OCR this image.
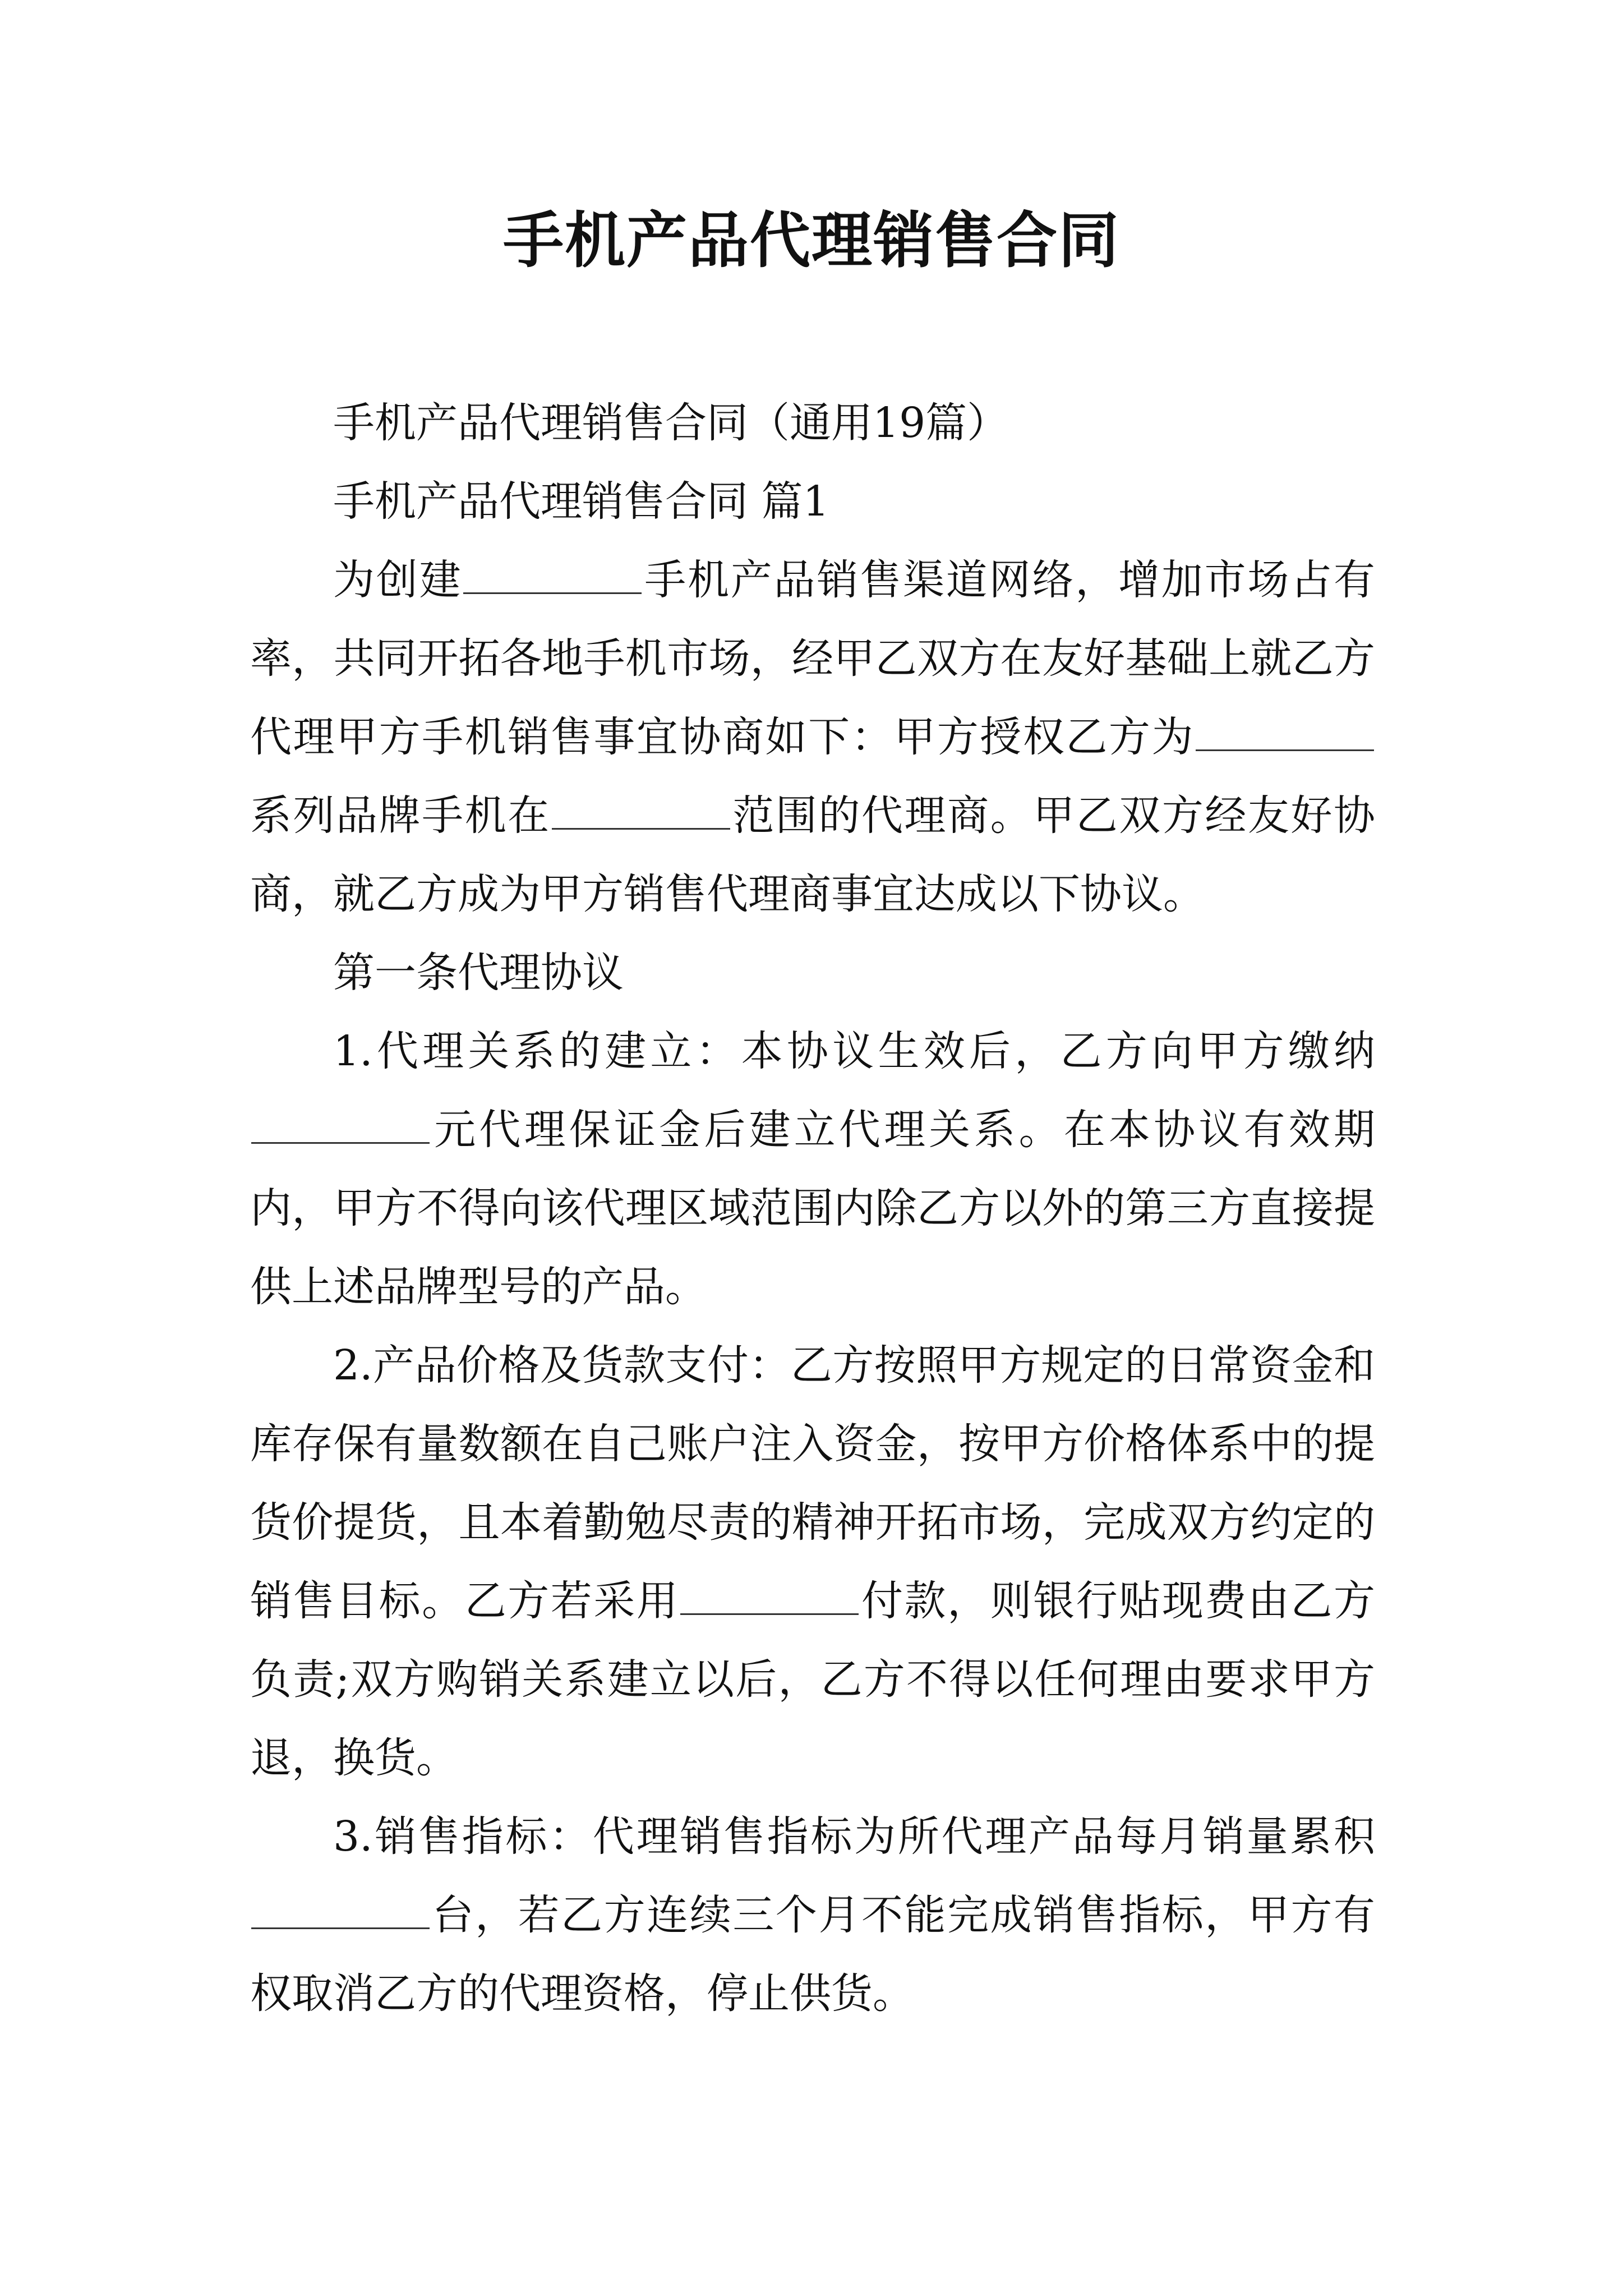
手机产品代理销售合同

手机产品代理销售合同（通用19篇）

手机产品代理销售合同 篇1

为创建	手机产品销售渠道网络，增加市场占有率，共同开拓各地手机市场，经甲乙双方在友好基础上就乙方代理甲方手机销售事宜协商如下：甲方授权乙方为系列品牌手机在	范围的代理商。甲乙双方经友好协商，就乙方成为甲方销售代理商事宜达成以下协议。

第一条代理协议

1.代理关系的建立：本协议生效后，乙方向甲方缴纳元代理保证金后建立代理关系。在本协议有效期内，甲方不得向该代理区域范围内除乙方以外的第三方直接提供上述品牌型号的产品。

2.产品价格及货款支付：乙方按照甲方规定的日常资金和库存保有量数额在自己账户注入资金，按甲方价格体系中的提货价提货，且本着勤勉尽责的精神开拓市场，完成双方约定的销售目标。乙方若采用	付款，则银行贴现费由乙方负责;双方购销关系建立以后，乙方不得以任何理由要求甲方退，换货。

3.销售指标：代理销售指标为所代理产品每月销量累积台，若乙方连续三个月不能完成销售指标，甲方有权取消乙方的代理资格，停止供货。
